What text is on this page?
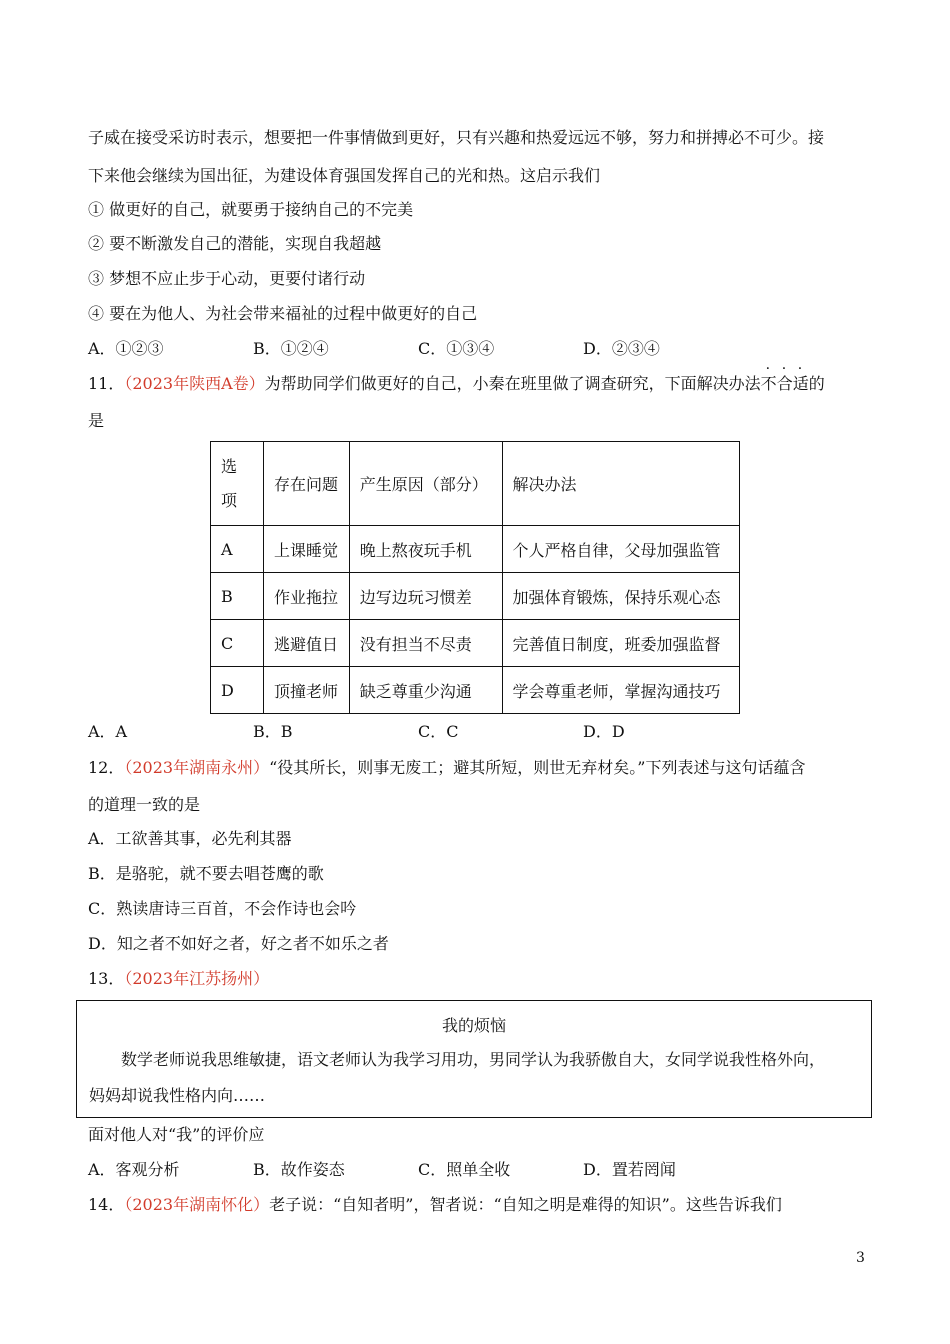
子威在接受采访时表示，想要把一件事情做到更好，只有兴趣和热爱远远不够，努力和拼搏必不可少。接
下来他会继续为国出征，为建设体育强国发挥自己的光和热。这启示我们
① 做更好的自己，就要勇于接纳自己的不完美
② 要不断激发自己的潜能，实现自我超越
③ 梦想不应止步于心动，更要付诸行动
④ 要在为他人、为社会带来福祉的过程中做更好的自己
A．①②③	B．①②④	C．①③④	D．②③④
11．（2023年陕西A卷）为帮助同学们做更好的自己，小秦在班里做了调查研究，下面解决办法不合适的
是
选项	存在问题	产生原因（部分）	解决办法
A	上课睡觉	晚上熬夜玩手机	个人严格自律，父母加强监管
B	作业拖拉	边写边玩习惯差	加强体育锻炼，保持乐观心态
C	逃避值日	没有担当不尽责	完善值日制度，班委加强监督
D	顶撞老师	缺乏尊重少沟通	学会尊重老师，掌握沟通技巧
A．A	B．B	C．C	D．D
12．（2023年湖南永州）“役其所长，则事无废工；避其所短，则世无弃材矣。”下列表述与这句话蕴含
的道理一致的是
A．工欲善其事，必先利其器
B．是骆驼，就不要去唱苍鹰的歌
C．熟读唐诗三百首，不会作诗也会吟
D．知之者不如好之者，好之者不如乐之者
13．（2023年江苏扬州）
我的烦恼
数学老师说我思维敏捷，语文老师认为我学习用功，男同学认为我骄傲自大，女同学说我性格外向，
妈妈却说我性格内向……
面对他人对“我”的评价应
A．客观分析	B．故作姿态	C．照单全收	D．置若罔闻
14．（2023年湖南怀化）老子说：“自知者明”，智者说：“自知之明是难得的知识”。这些告诉我们
3
